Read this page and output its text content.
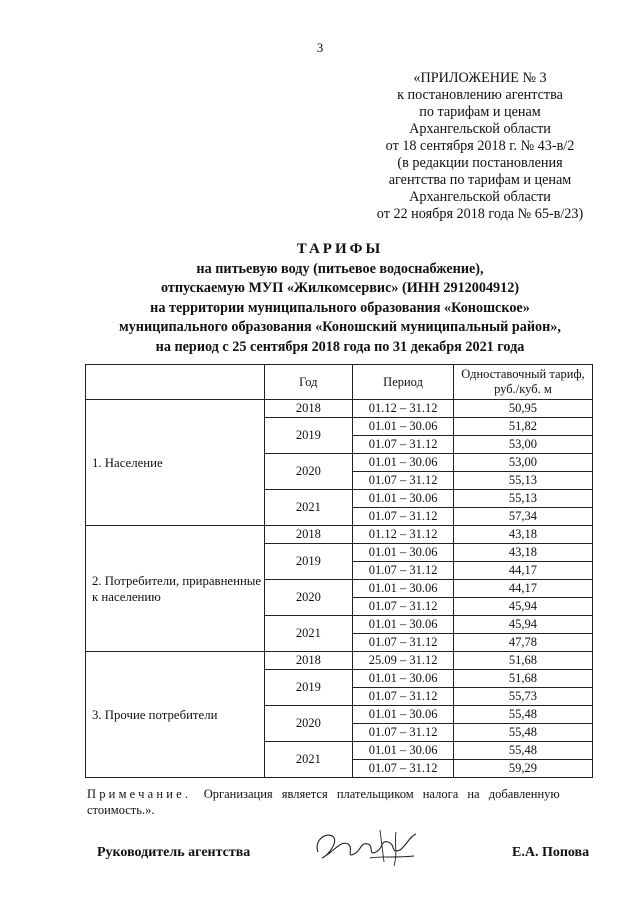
3
«ПРИЛОЖЕНИЕ № 3
к постановлению агентства
по тарифам и ценам
Архангельской области
от 18 сентября 2018 г. № 43-в/2
(в редакции постановления
агентства по тарифам и ценам
Архангельской области
от 22 ноября 2018 года № 65-в/23)
ТАРИФЫ
на питьевую воду (питьевое водоснабжение),
отпускаемую МУП «Жилкомсервис» (ИНН 2912004912)
на территории муниципального образования «Коношское»
муниципального образования «Коношский муниципальный район»,
на период с 25 сентября 2018 года по 31 декабря 2021 года
	Год	Период	Одноставочный тариф, руб./куб. м
1. Население	2018	01.12 – 31.12	50,95
	2019	01.01 – 30.06	51,82
		01.07 – 31.12	53,00
	2020	01.01 – 30.06	53,00
		01.07 – 31.12	55,13
	2021	01.01 – 30.06	55,13
		01.07 – 31.12	57,34
2. Потребители, приравненные к населению	2018	01.12 – 31.12	43,18
	2019	01.01 – 30.06	43,18
		01.07 – 31.12	44,17
	2020	01.01 – 30.06	44,17
		01.07 – 31.12	45,94
	2021	01.01 – 30.06	45,94
		01.07 – 31.12	47,78
3. Прочие потребители	2018	25.09 – 31.12	51,68
	2019	01.01 – 30.06	51,68
		01.07 – 31.12	55,73
	2020	01.01 – 30.06	55,48
		01.07 – 31.12	55,48
	2021	01.01 – 30.06	55,48
		01.07 – 31.12	59,29
Примечание. Организация является плательщиком налога на добавленную стоимость.».
Руководитель агентства	Е.А. Попова
